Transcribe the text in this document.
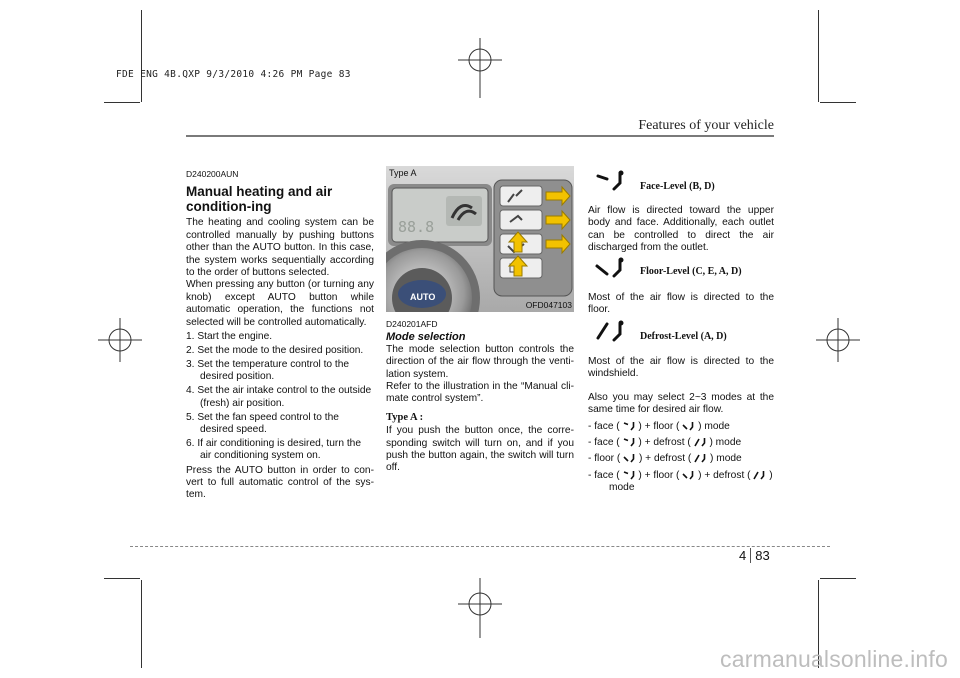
FDE ENG 4B.QXP 9/3/2010 4:26 PM Page 83
Features of your vehicle
D240200AUN
Manual heating and air condition-ing

The heating and cooling system can be controlled manually by pushing buttons other than the AUTO button. In this case, the system works sequentially according to the order of buttons selected.

When pressing any button (or turning any knob) except AUTO button while automatic operation, the functions not selected will be controlled automatically.

1. Start the engine.
2. Set the mode to the desired position.
3. Set the temperature control to the desired position.
4. Set the air intake control to the outside (fresh) air position.
5. Set the fan speed control to the desired speed.
6. If air conditioning is desired, turn the air conditioning system on.

Press the AUTO button in order to con-vert to full automatic control of the sys-tem.

88.8
Type A
AUTO
OFD047103
D240201AFD
Mode selection

The mode selection button controls the direction of the air flow through the venti-lation system.

Refer to the illustration in the “Manual cli-mate control system”.

Type A :

If you push the button once, the corre-sponding switch will turn on, and if you push the button again, the switch will turn off.

Face-Level (B, D)

Air flow is directed toward the upper body and face. Additionally, each outlet can be controlled to direct the air discharged from the outlet.

Floor-Level (C, E, A, D)

Most of the air flow is directed to the floor.

Defrost-Level (A, D)

Most of the air flow is directed to the windshield.

Also you may select 2~3 modes at the same time for desired air flow.

- face ( ) + floor ( ) mode
- face ( ) + defrost ( ) mode
- floor ( ) + defrost ( ) mode
- face ( ) + floor ( ) + defrost ( )
mode
4 83
carmanualsonline.info
